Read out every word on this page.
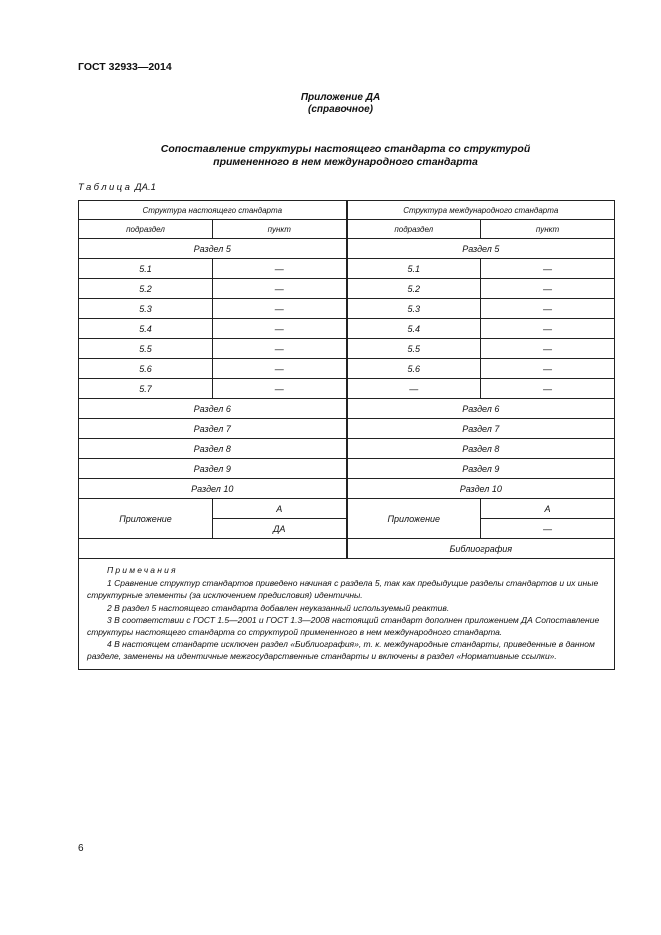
ГОСТ 32933—2014
Приложение ДА
(справочное)
Сопоставление структуры настоящего стандарта со структурой
примененного в нем международного стандарта
Таблица ДА.1
Структура настоящего стандарта		Структура международного стандарта	
подраздел	пункт	подраздел	пункт
Раздел 5		Раздел 5	
5.1	—	5.1	—
5.2	—	5.2	—
5.3	—	5.3	—
5.4	—	5.4	—
5.5	—	5.5	—
5.6	—	5.6	—
5.7	—	—	—
Раздел 6		Раздел 6	
Раздел 7		Раздел 7	
Раздел 8		Раздел 8	
Раздел 9		Раздел 9	
Раздел 10		Раздел 10	
Приложение	А	Приложение	А
	ДА		—
		Библиография	

Примечания
1 Сравнение структур стандартов приведено начиная с раздела 5, так как предыдущие разделы стандартов и их иные структурные элементы (за исключением предисловия) идентичны.
2 В раздел 5 настоящего стандарта добавлен неуказанный используемый реактив.
3 В соответствии с ГОСТ 1.5—2001 и ГОСТ 1.3—2008 настоящий стандарт дополнен приложением ДА Сопоставление структуры настоящего стандарта со структурой примененного в нем международного стандарта.
4 В настоящем стандарте исключен раздел «Библиография», т. к. международные стандарты, приведенные в данном разделе, заменены на идентичные межгосударственные стандарты и включены в раздел «Нормативные ссылки».			
6
